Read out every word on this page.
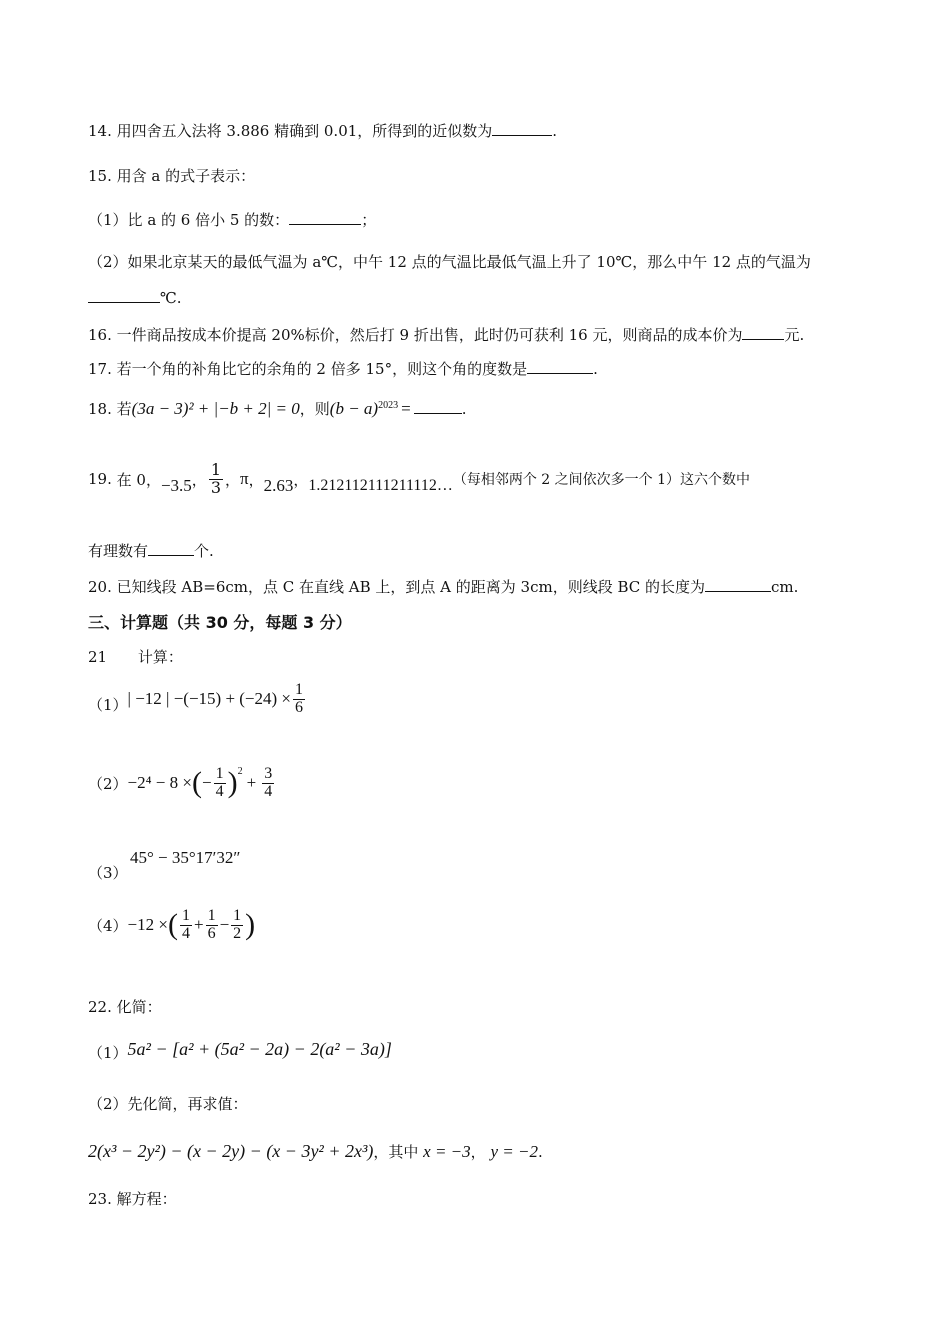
14. 用四舍五入法将 3.886 精确到 0.01，所得到的近似数为	.
15. 用含 a 的式子表示：
（1）比 a 的 6 倍小 5 的数：	；
（2）如果北京某天的最低气温为 a℃，中午 12 点的气温比最低气温上升了 10℃，那么中午 12 点的气温为
℃.
16. 一件商品按成本价提高 20%标价，然后打 9 折出售，此时仍可获利 16 元，则商品的成本价为	元.
17. 若一个角的补角比它的余角的 2 倍多 15°，则这个角的度数是	.
18. 若(3a − 3)² + |−b + 2| = 0，则$(b - a)^{2023}$ =	.
19.
在 0， −3.5 ， $\frac{1}{3}$ ， π ， 2.63 ， 1.212112111211112… （每相邻两个 2 之间依次多一个 1）这六个数中
有理数有	个.
20. 已知线段 AB=6cm，点 C 在直线 AB 上，到点 A 的距离为 3cm，则线段 BC 的长度为	cm.
三、计算题（共 30 分，每题 3 分）
21 计算：
（1） | −12 | $-(-15) + (-24) \times \frac{1}{6}$
（2） −2⁴ − 8 × ( − $\frac{1}{4} )^2$
+ $\frac{3}{4}$
45° − 35°17′32″
（3）
（4） −12 × ( $\frac{1}{4} + \frac{1}{6} - \frac{1}{2}$ )
22. 化简：
（1） 5a² − [a² + (5a² − 2a) − 2(a² − 3a)]
（2）先化简，再求值：
2(x³ − 2y²) − (x − 2y) − (x − 3y² + 2x³)，其中 x = −3， y = −2.
23. 解方程：
